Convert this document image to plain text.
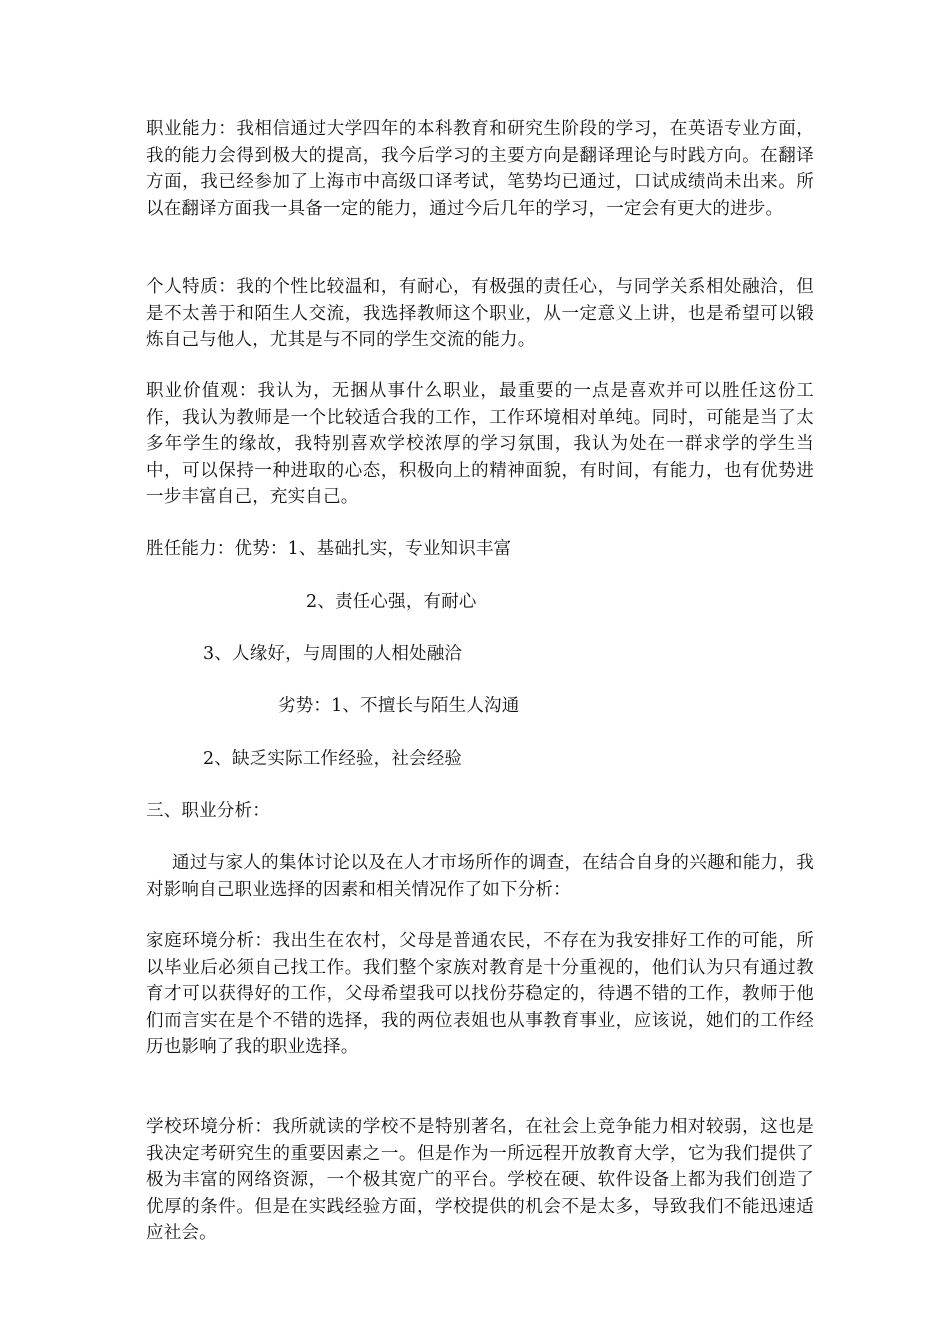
职业能力：我相信通过大学四年的本科教育和研究生阶段的学习，在英语专业方面，我的能力会得到极大的提高，我今后学习的主要方向是翻译理论与时践方向。在翻译方面，我已经参加了上海市中高级口译考试，笔势均已通过，口试成绩尚未出来。所以在翻译方面我一具备一定的能力，通过今后几年的学习，一定会有更大的进步。

个人特质：我的个性比较温和，有耐心，有极强的责任心，与同学关系相处融洽，但是不太善于和陌生人交流，我选择教师这个职业，从一定意义上讲，也是希望可以锻炼自己与他人，尤其是与不同的学生交流的能力。

职业价值观：我认为，无捆从事什么职业，最重要的一点是喜欢并可以胜任这份工作，我认为教师是一个比较适合我的工作，工作环境相对单纯。同时，可能是当了太多年学生的缘故，我特别喜欢学校浓厚的学习氛围，我认为处在一群求学的学生当中，可以保持一种进取的心态，积极向上的精神面貌，有时间，有能力，也有优势进一步丰富自己，充实自己。

胜任能力：优势：1、基础扎实，专业知识丰富
2、责任心强，有耐心
3、人缘好，与周围的人相处融洽
劣势：1、不擅长与陌生人沟通
2、缺乏实际工作经验，社会经验
三、职业分析：

通过与家人的集体讨论以及在人才市场所作的调查，在结合自身的兴趣和能力，我对影响自己职业选择的因素和相关情况作了如下分析：

家庭环境分析：我出生在农村，父母是普通农民，不存在为我安排好工作的可能，所以毕业后必须自己找工作。我们整个家族对教育是十分重视的，他们认为只有通过教育才可以获得好的工作，父母希望我可以找份芬稳定的，待遇不错的工作，教师于他们而言实在是个不错的选择，我的两位表姐也从事教育事业，应该说，她们的工作经历也影响了我的职业选择。

学校环境分析：我所就读的学校不是特别著名，在社会上竞争能力相对较弱，这也是我决定考研究生的重要因素之一。但是作为一所远程开放教育大学，它为我们提供了极为丰富的网络资源，一个极其宽广的平台。学校在硬、软件设备上都为我们创造了优厚的条件。但是在实践经验方面，学校提供的机会不是太多，导致我们不能迅速适应社会。
